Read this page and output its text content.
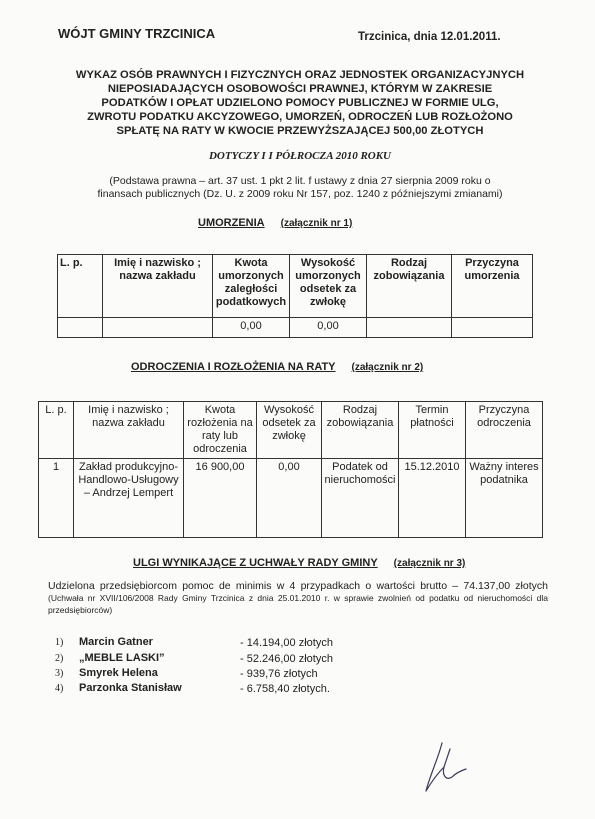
WÓJT GMINY TRZCINICA	Trzcinica, dnia 12.01.2011.
WYKAZ OSÓB PRAWNYCH I FIZYCZNYCH ORAZ JEDNOSTEK ORGANIZACYJNYCH
NIEPOSIADAJĄCYCH OSOBOWOŚCI PRAWNEJ, KTÓRYM W ZAKRESIE
PODATKÓW I OPŁAT UDZIELONO POMOCY PUBLICZNEJ W FORMIE ULG,
ZWROTU PODATKU AKCYZOWEGO, UMORZEŃ, ODROCZEŃ LUB ROZŁOŻONO
SPŁATĘ NA RATY W KWOCIE PRZEWYŻSZAJĄCEJ 500,00 ZŁOTYCH
DOTYCZY I I PÓŁROCZA 2010 ROKU
(Podstawa prawna – art. 37 ust. 1 pkt 2 lit. f ustawy z dnia 27 sierpnia 2009 roku o
finansach publicznych (Dz. U. z 2009 roku Nr 157, poz. 1240 z późniejszymi zmianami)
UMORZENIA (załącznik nr 1)
L. p.	Imię i nazwisko ; nazwa zakładu	Kwota umorzonych zaległości podatkowych	Wysokość umorzonych odsetek za zwłokę	Rodzaj zobowiązania	Przyczyna umorzenia
		0,00	0,00		
ODROCZENIA I ROZŁOŻENIA NA RATY (załącznik nr 2)
L. p.	Imię i nazwisko ; nazwa zakładu	Kwota rozłożenia na raty lub odroczenia	Wysokość odsetek za zwłokę	Rodzaj zobowiązania	Termin płatności	Przyczyna odroczenia
1	Zakład produkcyjno-Handlowo-Usługowy – Andrzej Lempert	16 900,00	0,00	Podatek od nieruchomości	15.12.2010	Ważny interes podatnika
ULGI WYNIKAJĄCE Z UCHWAŁY RADY GMINY (załącznik nr 3)
Udzielona przedsiębiorcom pomoc de minimis w 4 przypadkach o wartości brutto – 74.137,00 złotych (Uchwała nr XVII/106/2008 Rady Gminy Trzcinica z dnia 25.01.2010 r. w sprawie zwolnień od podatku od nieruchomości dla przedsiębiorców)
1) Marcin Gatner	- 14.194,00 złotych
2) „MEBLE LASKI”	- 52.246,00 złotych
3) Smyrek Helena	- 939,76 złotych
4) Parzonka Stanisław	- 6.758,40 złotych.
